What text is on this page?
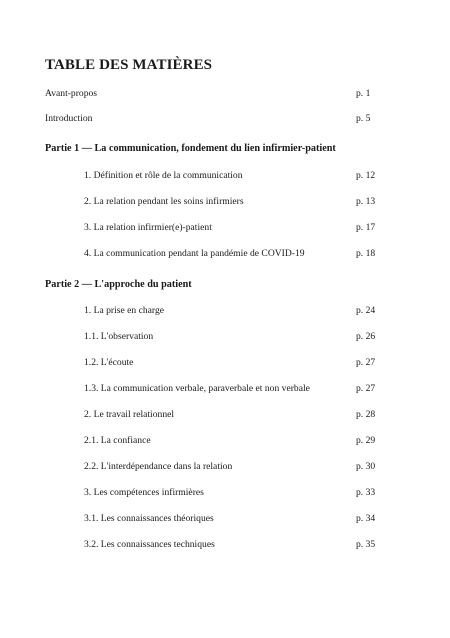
TABLE DES MATIÈRES
Avant-propos	p. 1
Introduction	p. 5
Partie 1 — La communication, fondement du lien infirmier-patient
1. Définition et rôle de la communication	p. 12
2. La relation pendant les soins infirmiers	p. 13
3. La relation infirmier(e)-patient	p. 17
4. La communication pendant la pandémie de COVID-19	p. 18
Partie 2 — L'approche du patient
1. La prise en charge	p. 24
1.1. L'observation	p. 26
1.2. L'écoute	p. 27
1.3. La communication verbale, paraverbale et non verbale	p. 27
2. Le travail relationnel	p. 28
2.1. La confiance	p. 29
2.2. L'interdépendance dans la relation	p. 30
3. Les compétences infirmières	p. 33
3.1. Les connaissances théoriques	p. 34
3.2. Les connaissances techniques	p. 35
